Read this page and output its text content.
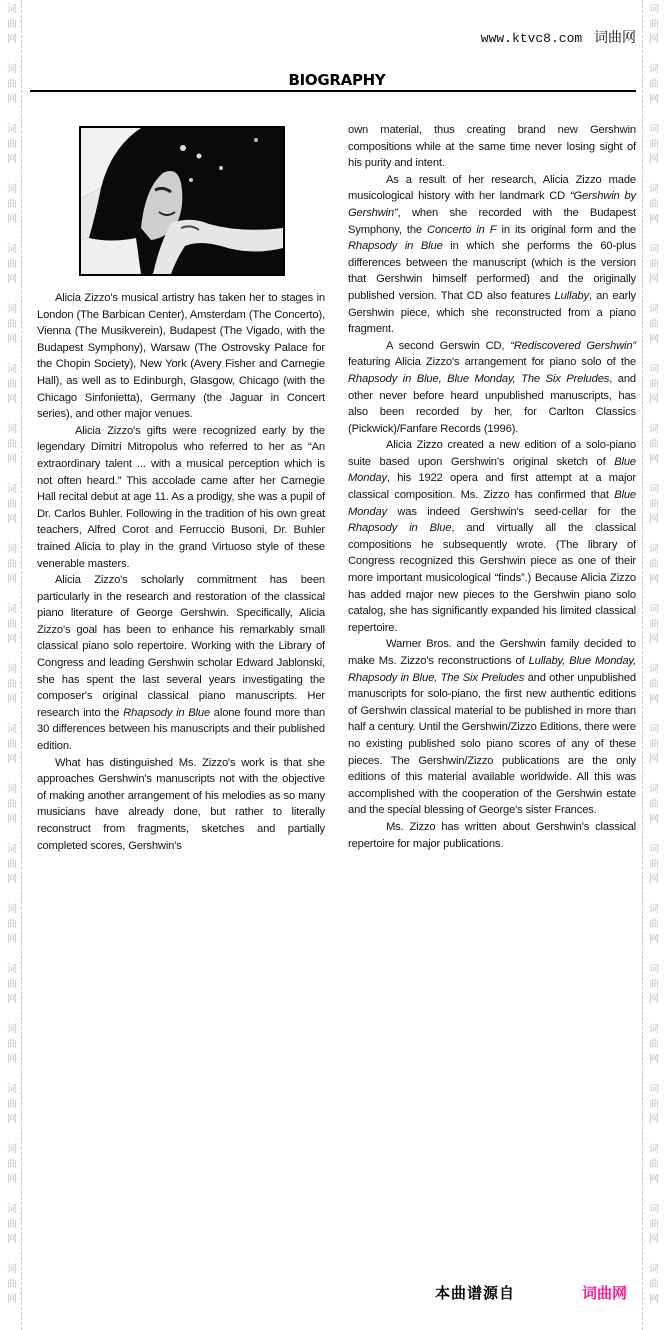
词
曲
网
词
曲
网
词
曲
网
词
曲
网
词
曲
网
词
曲
网
词
曲
网
词
曲
网
词
曲
网
词
曲
网
词
曲
网
词
曲
网
词
曲
网
词
曲
网
词
曲
网
词
曲
网
词
曲
网
词
曲
网
词
曲
网
词
曲
网
词
曲
网
词
曲
网
词
曲
网
词
曲
网
词
曲
网
词
曲
网
词
曲
网
词
曲
网
词
曲
网
词
曲
网
词
曲
网
词
曲
网
词
曲
网
词
曲
网
词
曲
网
词
曲
网
词
曲
网
词
曲
网
词
曲
网
词
曲
网
词
曲
网
词
曲
网
词
曲
网
词
曲
网
www.ktvc8.com 词曲网
BIOGRAPHY

Alicia Zizzo's musical artistry has taken her to stages in London (The Barbican Center), Amsterdam (The Concerto), Vienna (The Musikverein), Budapest (The Vigado, with the Budapest Symphony), Warsaw (The Ostrovsky Palace for the Chopin Society), New York (Avery Fisher and Carnegie Hall), as well as to Edinburgh, Glasgow, Chicago (with the Chicago Sinfonietta), Germany (the Jaguar in Concert series), and other major venues.

Alicia Zizzo's gifts were recognized early by the legendary Dimitri Mitropolus who referred to her as “An extraordinary talent ... with a musical perception which is not often heard.” This accolade came after her Carnegie Hall recital debut at age 11. As a prodigy, she was a pupil of Dr. Carlos Buhler. Following in the tradition of his own great teachers, Alfred Corot and Ferruccio Busoni, Dr. Buhler trained Alicia to play in the grand Virtuoso style of these venerable masters.

Alicia Zizzo's scholarly commitment has been particularly in the research and restoration of the classical piano literature of George Gershwin. Specifically, Alicia Zizzo's goal has been to enhance his remarkably small classical piano solo repertoire. Working with the Library of Congress and leading Gershwin scholar Edward Jablonski, she has spent the last several years investigating the composer's original classical piano manuscripts. Her research into the Rhapsody in Blue alone found more than 30 differences between his manuscripts and their published edition.

What has distinguished Ms. Zizzo's work is that she approaches Gershwin's manuscripts not with the objective of making another arrangement of his melodies as so many musicians have already done, but rather to literally reconstruct from fragments, sketches and partially completed scores, Gershwin's

own material, thus creating brand new Gershwin compositions while at the same time never losing sight of his purity and intent.

As a result of her research, Alicia Zizzo made musicological history with her landmark CD “Gershwin by Gershwin”, when she recorded with the Budapest Symphony, the Concerto in F in its original form and the Rhapsody in Blue in which she performs the 60-plus differences between the manuscript (which is the version that Gershwin himself performed) and the originally published version. That CD also features Lullaby, an early Gershwin piece, which she reconstructed from a piano fragment.

A second Gerswin CD, “Rediscovered Gershwin” featuring Alicia Zizzo's arrangement for piano solo of the Rhapsody in Blue, Blue Monday, The Six Preludes, and other never before heard unpublished manuscripts, has also been recorded by her, for Carlton Classics (Pickwick)/Fanfare Records (1996).

Alicia Zizzo created a new edition of a solo-piano suite based upon Gershwin's original sketch of Blue Monday, his 1922 opera and first attempt at a major classical composition. Ms. Zizzo has confirmed that Blue Monday was indeed Gershwin's seed-cellar for the Rhapsody in Blue, and virtually all the classical compositions he subsequently wrote. (The library of Congress recognized this Gershwin piece as one of their more important musicological “finds”.) Because Alicia Zizzo has added major new pieces to the Gershwin piano solo catalog, she has significantly expanded his limited classical repertoire.

Warner Bros. and the Gershwin family decided to make Ms. Zizzo's reconstructions of Lullaby, Blue Monday, Rhapsody in Blue, The Six Preludes and other unpublished manuscripts for solo-piano, the first new authentic editions of Gershwin classical material to be published in more than half a century. Until the Gershwin/Zizzo Editions, there were no existing published solo piano scores of any of these pieces. The Gershwin/Zizzo publications are the only editions of this material available worldwide. All this was accomplished with the cooperation of the Gershwin estate and the special blessing of George's sister Frances.

Ms. Zizzo has written about Gershwin's classical repertoire for major publications.

本曲谱源自	词曲网
